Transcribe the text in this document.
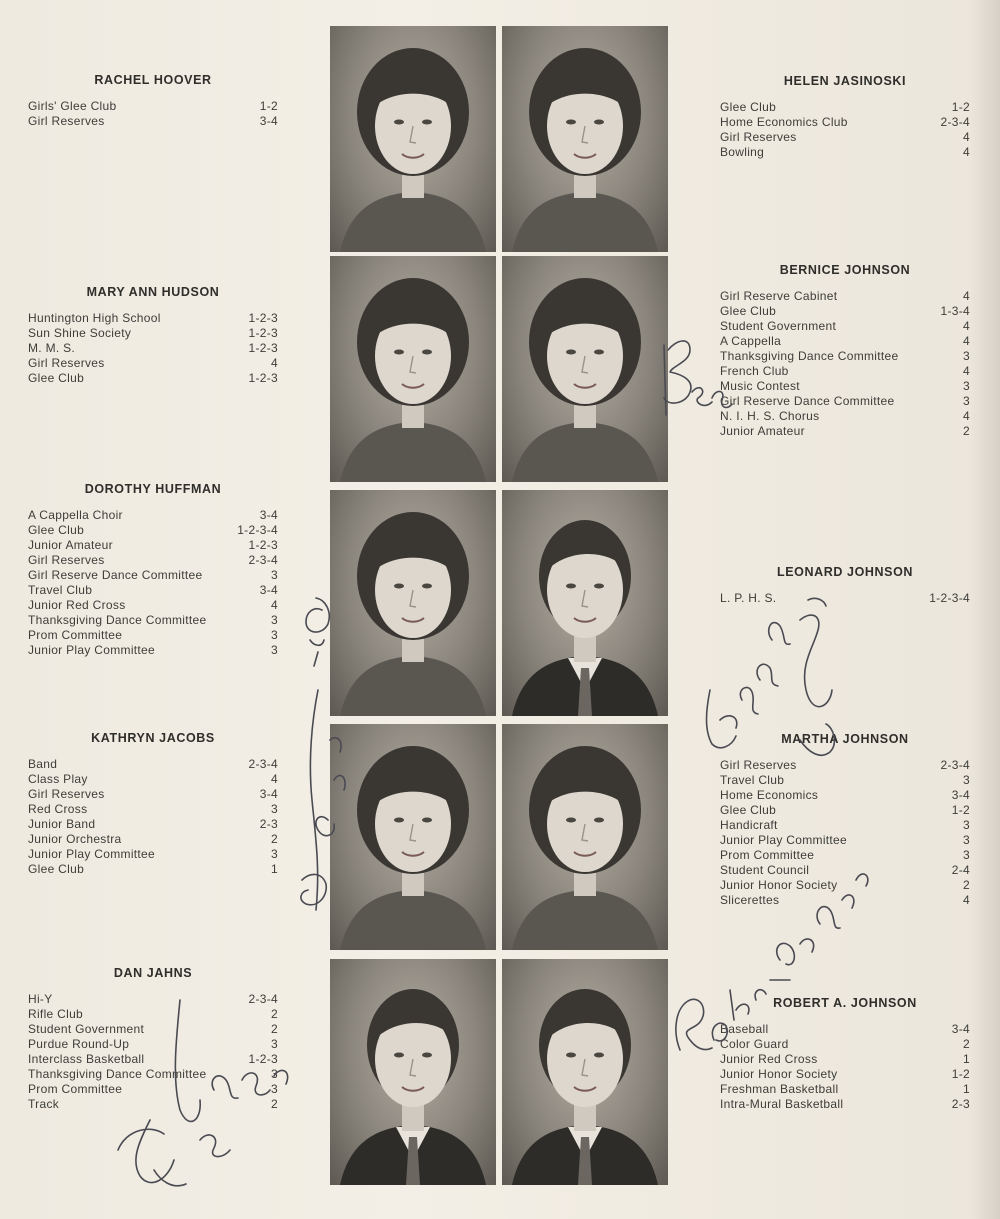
RACHEL HOOVER
Girls' Glee Club	1-2
Girl Reserves	3-4
MARY ANN HUDSON
Huntington High School	1-2-3
Sun Shine Society	1-2-3
M. M. S.	1-2-3
Girl Reserves	4
Glee Club	1-2-3
DOROTHY HUFFMAN
A Cappella Choir	3-4
Glee Club	1-2-3-4
Junior Amateur	1-2-3
Girl Reserves	2-3-4
Girl Reserve Dance Committee	3
Travel Club	3-4
Junior Red Cross	4
Thanksgiving Dance Committee	3
Prom Committee	3
Junior Play Committee	3
KATHRYN JACOBS
Band	2-3-4
Class Play	4
Girl Reserves	3-4
Red Cross	3
Junior Band	2-3
Junior Orchestra	2
Junior Play Committee	3
Glee Club	1
DAN JAHNS
Hi-Y	2-3-4
Rifle Club	2
Student Government	2
Purdue Round-Up	3
Interclass Basketball	1-2-3
Thanksgiving Dance Committee	3
Prom Committee	3
Track	2
HELEN JASINOSKI
Glee Club	1-2
Home Economics Club	2-3-4
Girl Reserves	4
Bowling	4
BERNICE JOHNSON
Girl Reserve Cabinet	4
Glee Club	1-3-4
Student Government	4
A Cappella	4
Thanksgiving Dance Committee	3
French Club	4
Music Contest	3
Girl Reserve Dance Committee	3
N. I. H. S. Chorus	4
Junior Amateur	2
LEONARD JOHNSON
L. P. H. S.	1-2-3-4
MARTHA JOHNSON
Girl Reserves	2-3-4
Travel Club	3
Home Economics	3-4
Glee Club	1-2
Handicraft	3
Junior Play Committee	3
Prom Committee	3
Student Council	2-4
Junior Honor Society	2
Slicerettes	4
ROBERT A. JOHNSON
Baseball	3-4
Color Guard	2
Junior Red Cross	1
Junior Honor Society	1-2
Freshman Basketball	1
Intra-Mural Basketball	2-3
